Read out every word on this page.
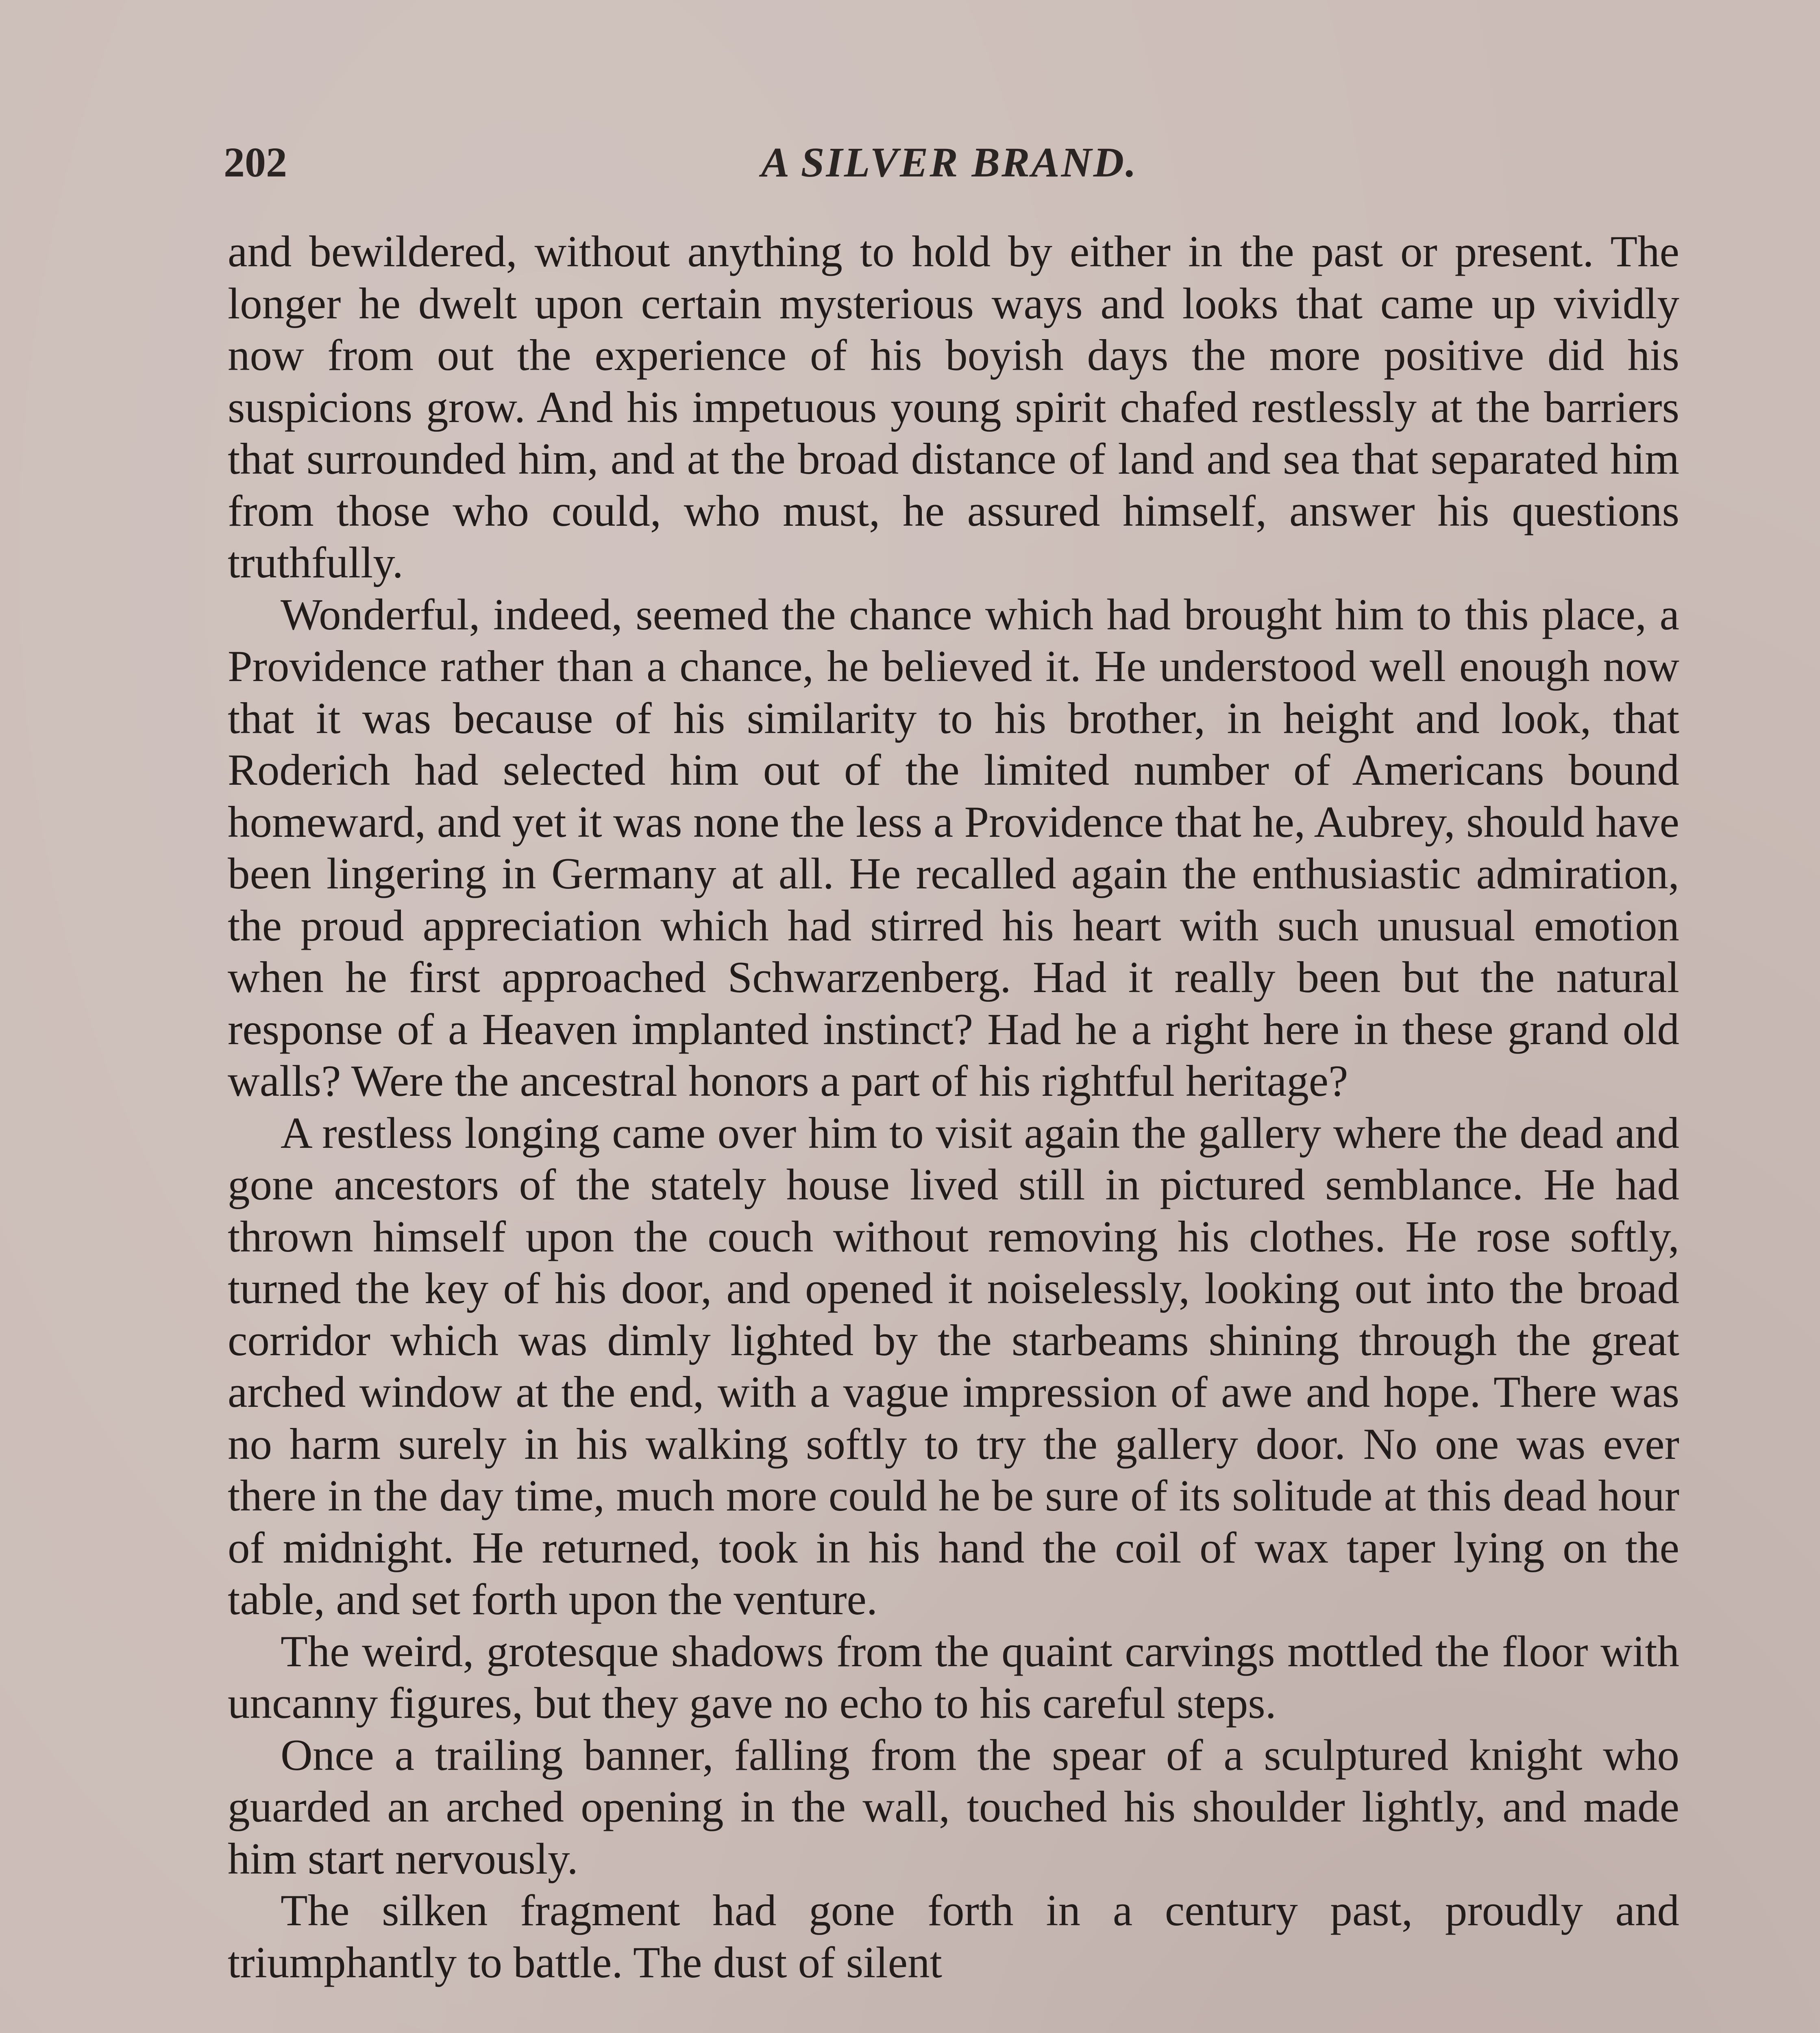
202	A SILVER BRAND.

and bewildered, without anything to hold by either in the past or present. The longer he dwelt upon certain mysterious ways and looks that came up vividly now from out the experience of his boyish days the more positive did his suspicions grow. And his impetuous young spirit chafed restlessly at the barriers that surrounded him, and at the broad distance of land and sea that separated him from those who could, who must, he assured himself, answer his questions truthfully.

Wonderful, indeed, seemed the chance which had brought him to this place, a Providence rather than a chance, he believed it. He understood well enough now that it was because of his similarity to his brother, in height and look, that Roderich had selected him out of the limited number of Americans bound homeward, and yet it was none the less a Providence that he, Aubrey, should have been lingering in Germany at all. He recalled again the enthusiastic admiration, the proud appreciation which had stirred his heart with such unusual emotion when he first approached Schwarzenberg. Had it really been but the natural response of a Heaven implanted instinct? Had he a right here in these grand old walls? Were the ancestral honors a part of his rightful heritage?

A restless longing came over him to visit again the gallery where the dead and gone ancestors of the stately house lived still in pictured semblance. He had thrown himself upon the couch without removing his clothes. He rose softly, turned the key of his door, and opened it noiselessly, looking out into the broad corridor which was dimly lighted by the starbeams shining through the great arched window at the end, with a vague impression of awe and hope. There was no harm surely in his walking softly to try the gallery door. No one was ever there in the day time, much more could he be sure of its solitude at this dead hour of midnight. He returned, took in his hand the coil of wax taper lying on the table, and set forth upon the venture.

The weird, grotesque shadows from the quaint carvings mottled the floor with uncanny figures, but they gave no echo to his careful steps.

Once a trailing banner, falling from the spear of a sculptured knight who guarded an arched opening in the wall, touched his shoulder lightly, and made him start nervously.

The silken fragment had gone forth in a century past, proudly and triumphantly to battle. The dust of silent
